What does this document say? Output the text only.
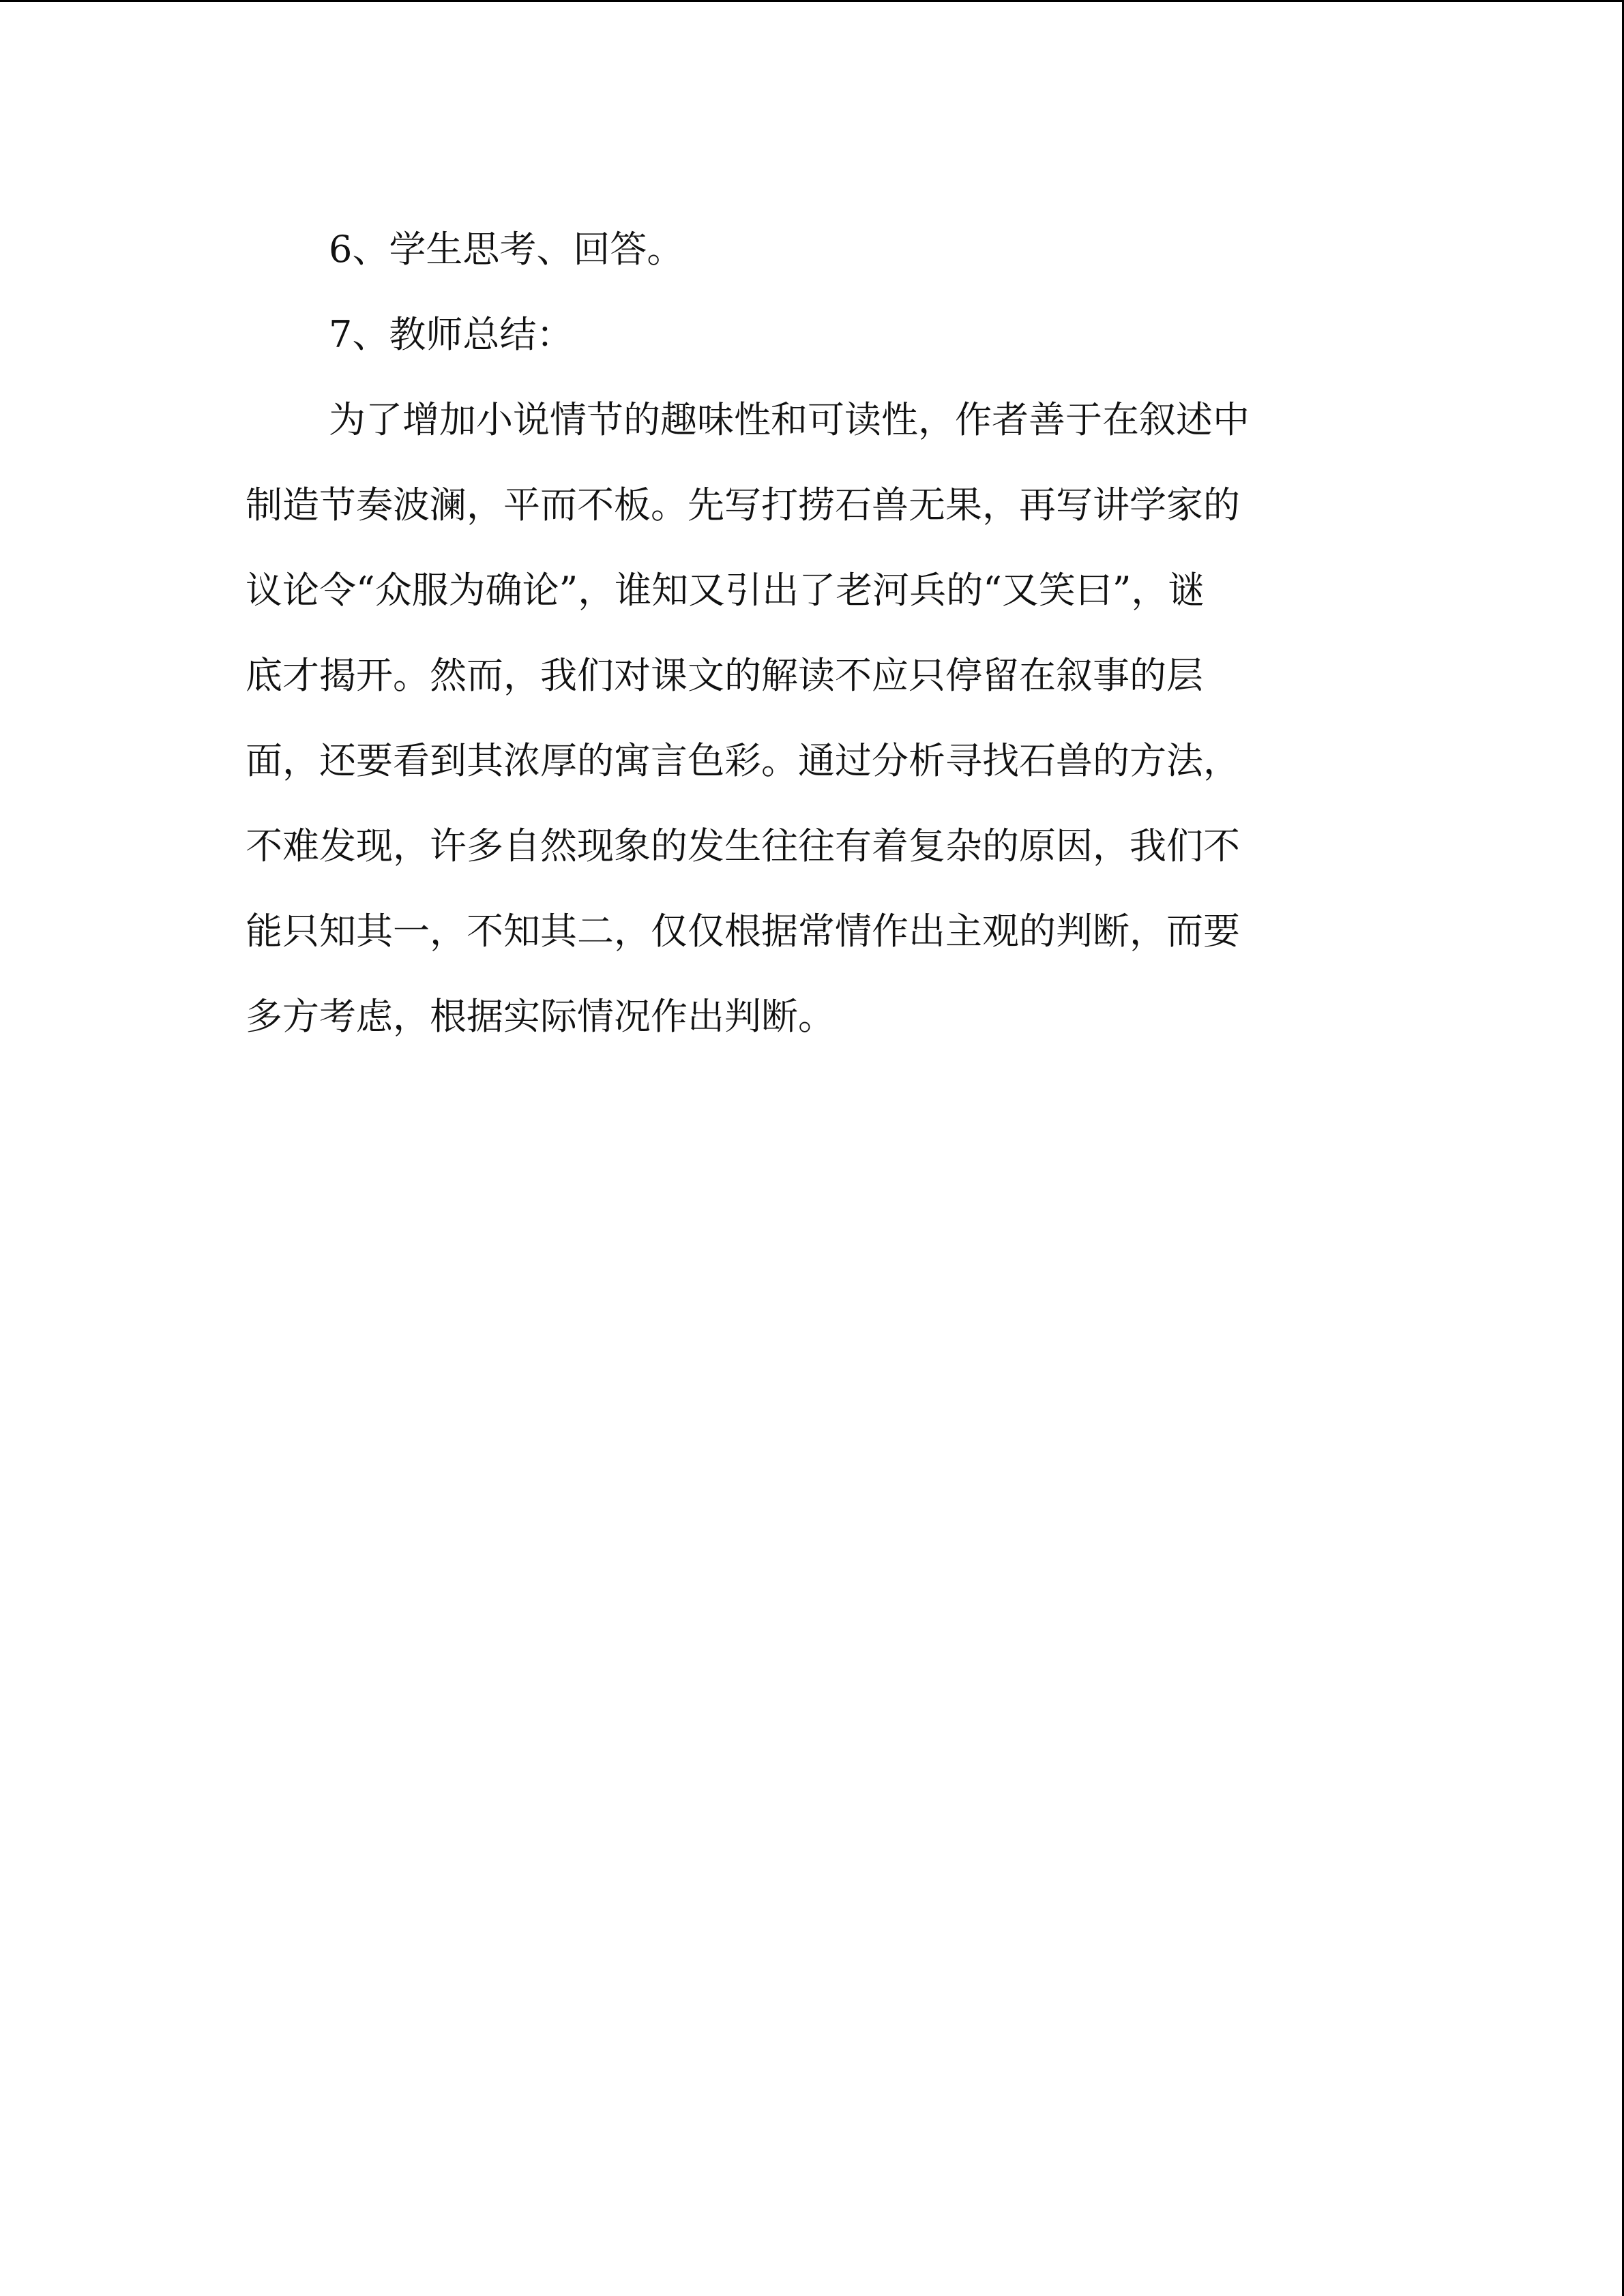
6、学生思考、回答。
7、教师总结：
为了增加小说情节的趣味性和可读性，作者善于在叙述中
制造节奏波澜，平而不板。先写打捞石兽无果，再写讲学家的
议论令“众服为确论”，谁知又引出了老河兵的“又笑曰”，谜
底才揭开。然而，我们对课文的解读不应只停留在叙事的层
面，还要看到其浓厚的寓言色彩。通过分析寻找石兽的方法，
不难发现，许多自然现象的发生往往有着复杂的原因，我们不
能只知其一，不知其二，仅仅根据常情作出主观的判断，而要
多方考虑，根据实际情况作出判断。
